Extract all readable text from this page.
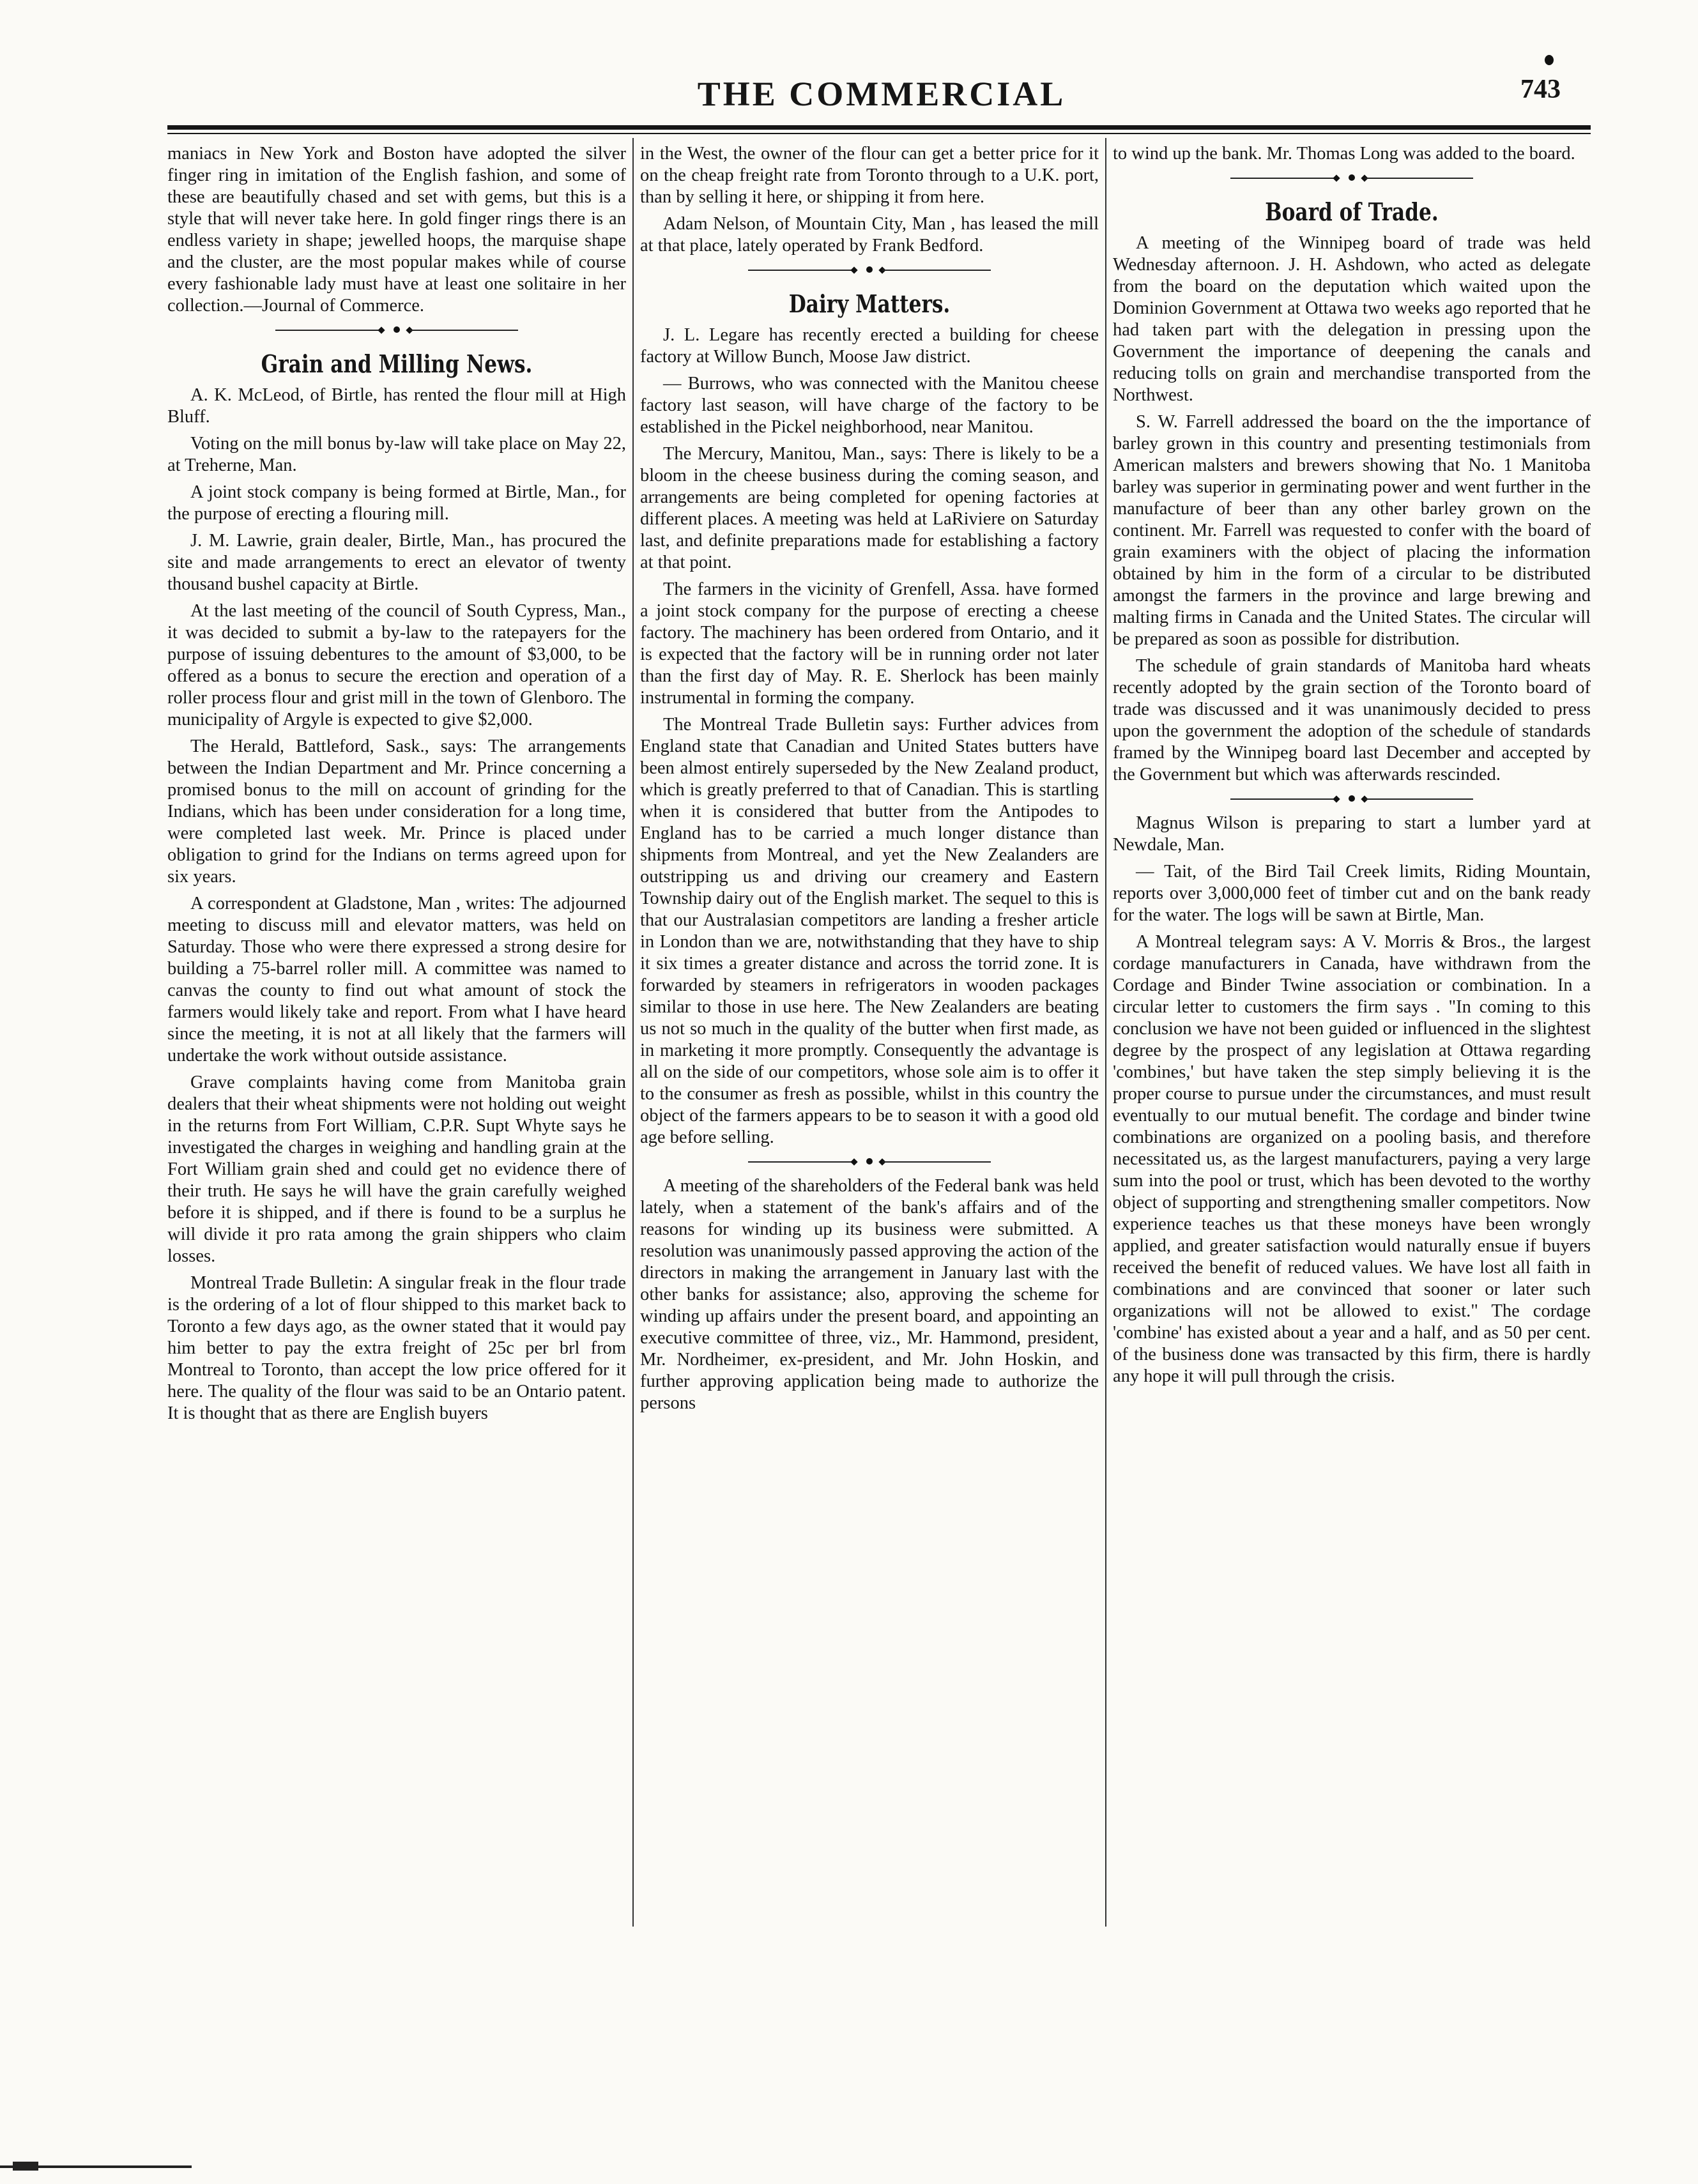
THE COMMERCIAL	743

maniacs in New York and Boston have adopted the silver finger ring in imitation of the English fashion, and some of these are beautifully chased and set with gems, but this is a style that will never take here. In gold finger rings there is an endless variety in shape; jewelled hoops, the marquise shape and the cluster, are the most popular makes while of course every fashionable lady must have at least one solitaire in her collection.—Journal of Commerce.

Grain and Milling News.

A. K. McLeod, of Birtle, has rented the flour mill at High Bluff.

Voting on the mill bonus by-law will take place on May 22, at Treherne, Man.

A joint stock company is being formed at Birtle, Man., for the purpose of erecting a flouring mill.

J. M. Lawrie, grain dealer, Birtle, Man., has procured the site and made arrangements to erect an elevator of twenty thousand bushel capacity at Birtle.

At the last meeting of the council of South Cypress, Man., it was decided to submit a by-law to the ratepayers for the purpose of issuing debentures to the amount of $3,000, to be offered as a bonus to secure the erection and operation of a roller process flour and grist mill in the town of Glenboro. The municipality of Argyle is expected to give $2,000.

The Herald, Battleford, Sask., says: The arrangements between the Indian Department and Mr. Prince concerning a promised bonus to the mill on account of grinding for the Indians, which has been under consideration for a long time, were completed last week. Mr. Prince is placed under obligation to grind for the Indians on terms agreed upon for six years.

A correspondent at Gladstone, Man , writes: The adjourned meeting to discuss mill and elevator matters, was held on Saturday. Those who were there expressed a strong desire for building a 75-barrel roller mill. A committee was named to canvas the county to find out what amount of stock the farmers would likely take and report. From what I have heard since the meeting, it is not at all likely that the farmers will undertake the work without outside assistance.

Grave complaints having come from Manitoba grain dealers that their wheat shipments were not holding out weight in the returns from Fort William, C.P.R. Supt Whyte says he investigated the charges in weighing and handling grain at the Fort William grain shed and could get no evidence there of their truth. He says he will have the grain carefully weighed before it is shipped, and if there is found to be a surplus he will divide it pro rata among the grain shippers who claim losses.

Montreal Trade Bulletin: A singular freak in the flour trade is the ordering of a lot of flour shipped to this market back to Toronto a few days ago, as the owner stated that it would pay him better to pay the extra freight of 25c per brl from Montreal to Toronto, than accept the low price offered for it here. The quality of the flour was said to be an Ontario patent. It is thought that as there are English buyers

in the West, the owner of the flour can get a better price for it on the cheap freight rate from Toronto through to a U.K. port, than by selling it here, or shipping it from here.

Adam Nelson, of Mountain City, Man , has leased the mill at that place, lately operated by Frank Bedford.

Dairy Matters.

J. L. Legare has recently erected a building for cheese factory at Willow Bunch, Moose Jaw district.

— Burrows, who was connected with the Manitou cheese factory last season, will have charge of the factory to be established in the Pickel neighborhood, near Manitou.

The Mercury, Manitou, Man., says: There is likely to be a bloom in the cheese business during the coming season, and arrangements are being completed for opening factories at different places. A meeting was held at LaRiviere on Saturday last, and definite preparations made for establishing a factory at that point.

The farmers in the vicinity of Grenfell, Assa. have formed a joint stock company for the purpose of erecting a cheese factory. The machinery has been ordered from Ontario, and it is expected that the factory will be in running order not later than the first day of May. R. E. Sherlock has been mainly instrumental in forming the company.

The Montreal Trade Bulletin says: Further advices from England state that Canadian and United States butters have been almost entirely superseded by the New Zealand product, which is greatly preferred to that of Canadian. This is startling when it is considered that butter from the Antipodes to England has to be carried a much longer distance than shipments from Montreal, and yet the New Zealanders are outstripping us and driving our creamery and Eastern Township dairy out of the English market. The sequel to this is that our Australasian competitors are landing a fresher article in London than we are, notwithstanding that they have to ship it six times a greater distance and across the torrid zone. It is forwarded by steamers in refrigerators in wooden packages similar to those in use here. The New Zealanders are beating us not so much in the quality of the butter when first made, as in marketing it more promptly. Consequently the advantage is all on the side of our competitors, whose sole aim is to offer it to the consumer as fresh as possible, whilst in this country the object of the farmers appears to be to season it with a good old age before selling.

A meeting of the shareholders of the Federal bank was held lately, when a statement of the bank's affairs and of the reasons for winding up its business were submitted. A resolution was unanimously passed approving the action of the directors in making the arrangement in January last with the other banks for assistance; also, approving the scheme for winding up affairs under the present board, and appointing an executive committee of three, viz., Mr. Hammond, president, Mr. Nordheimer, ex-president, and Mr. John Hoskin, and further approving application being made to authorize the persons

to wind up the bank. Mr. Thomas Long was added to the board.

Board of Trade.

A meeting of the Winnipeg board of trade was held Wednesday afternoon. J. H. Ashdown, who acted as delegate from the board on the deputation which waited upon the Dominion Government at Ottawa two weeks ago reported that he had taken part with the delegation in pressing upon the Government the importance of deepening the canals and reducing tolls on grain and merchandise transported from the Northwest.

S. W. Farrell addressed the board on the the importance of barley grown in this country and presenting testimonials from American malsters and brewers showing that No. 1 Manitoba barley was superior in germinating power and went further in the manufacture of beer than any other barley grown on the continent. Mr. Farrell was requested to confer with the board of grain examiners with the object of placing the information obtained by him in the form of a circular to be distributed amongst the farmers in the province and large brewing and malting firms in Canada and the United States. The circular will be prepared as soon as possible for distribution.

The schedule of grain standards of Manitoba hard wheats recently adopted by the grain section of the Toronto board of trade was discussed and it was unanimously decided to press upon the government the adoption of the schedule of standards framed by the Winnipeg board last December and accepted by the Government but which was afterwards rescinded.

Magnus Wilson is preparing to start a lumber yard at Newdale, Man.

— Tait, of the Bird Tail Creek limits, Riding Mountain, reports over 3,000,000 feet of timber cut and on the bank ready for the water. The logs will be sawn at Birtle, Man.

A Montreal telegram says: A V. Morris & Bros., the largest cordage manufacturers in Canada, have withdrawn from the Cordage and Binder Twine association or combination. In a circular letter to customers the firm says . "In coming to this conclusion we have not been guided or influenced in the slightest degree by the prospect of any legislation at Ottawa regarding 'combines,' but have taken the step simply believing it is the proper course to pursue under the circumstances, and must result eventually to our mutual benefit. The cordage and binder twine combinations are organized on a pooling basis, and therefore necessitated us, as the largest manufacturers, paying a very large sum into the pool or trust, which has been devoted to the worthy object of supporting and strengthening smaller competitors. Now experience teaches us that these moneys have been wrongly applied, and greater satisfaction would naturally ensue if buyers received the benefit of reduced values. We have lost all faith in combinations and are convinced that sooner or later such organizations will not be allowed to exist." The cordage 'combine' has existed about a year and a half, and as 50 per cent. of the business done was transacted by this firm, there is hardly any hope it will pull through the crisis.
